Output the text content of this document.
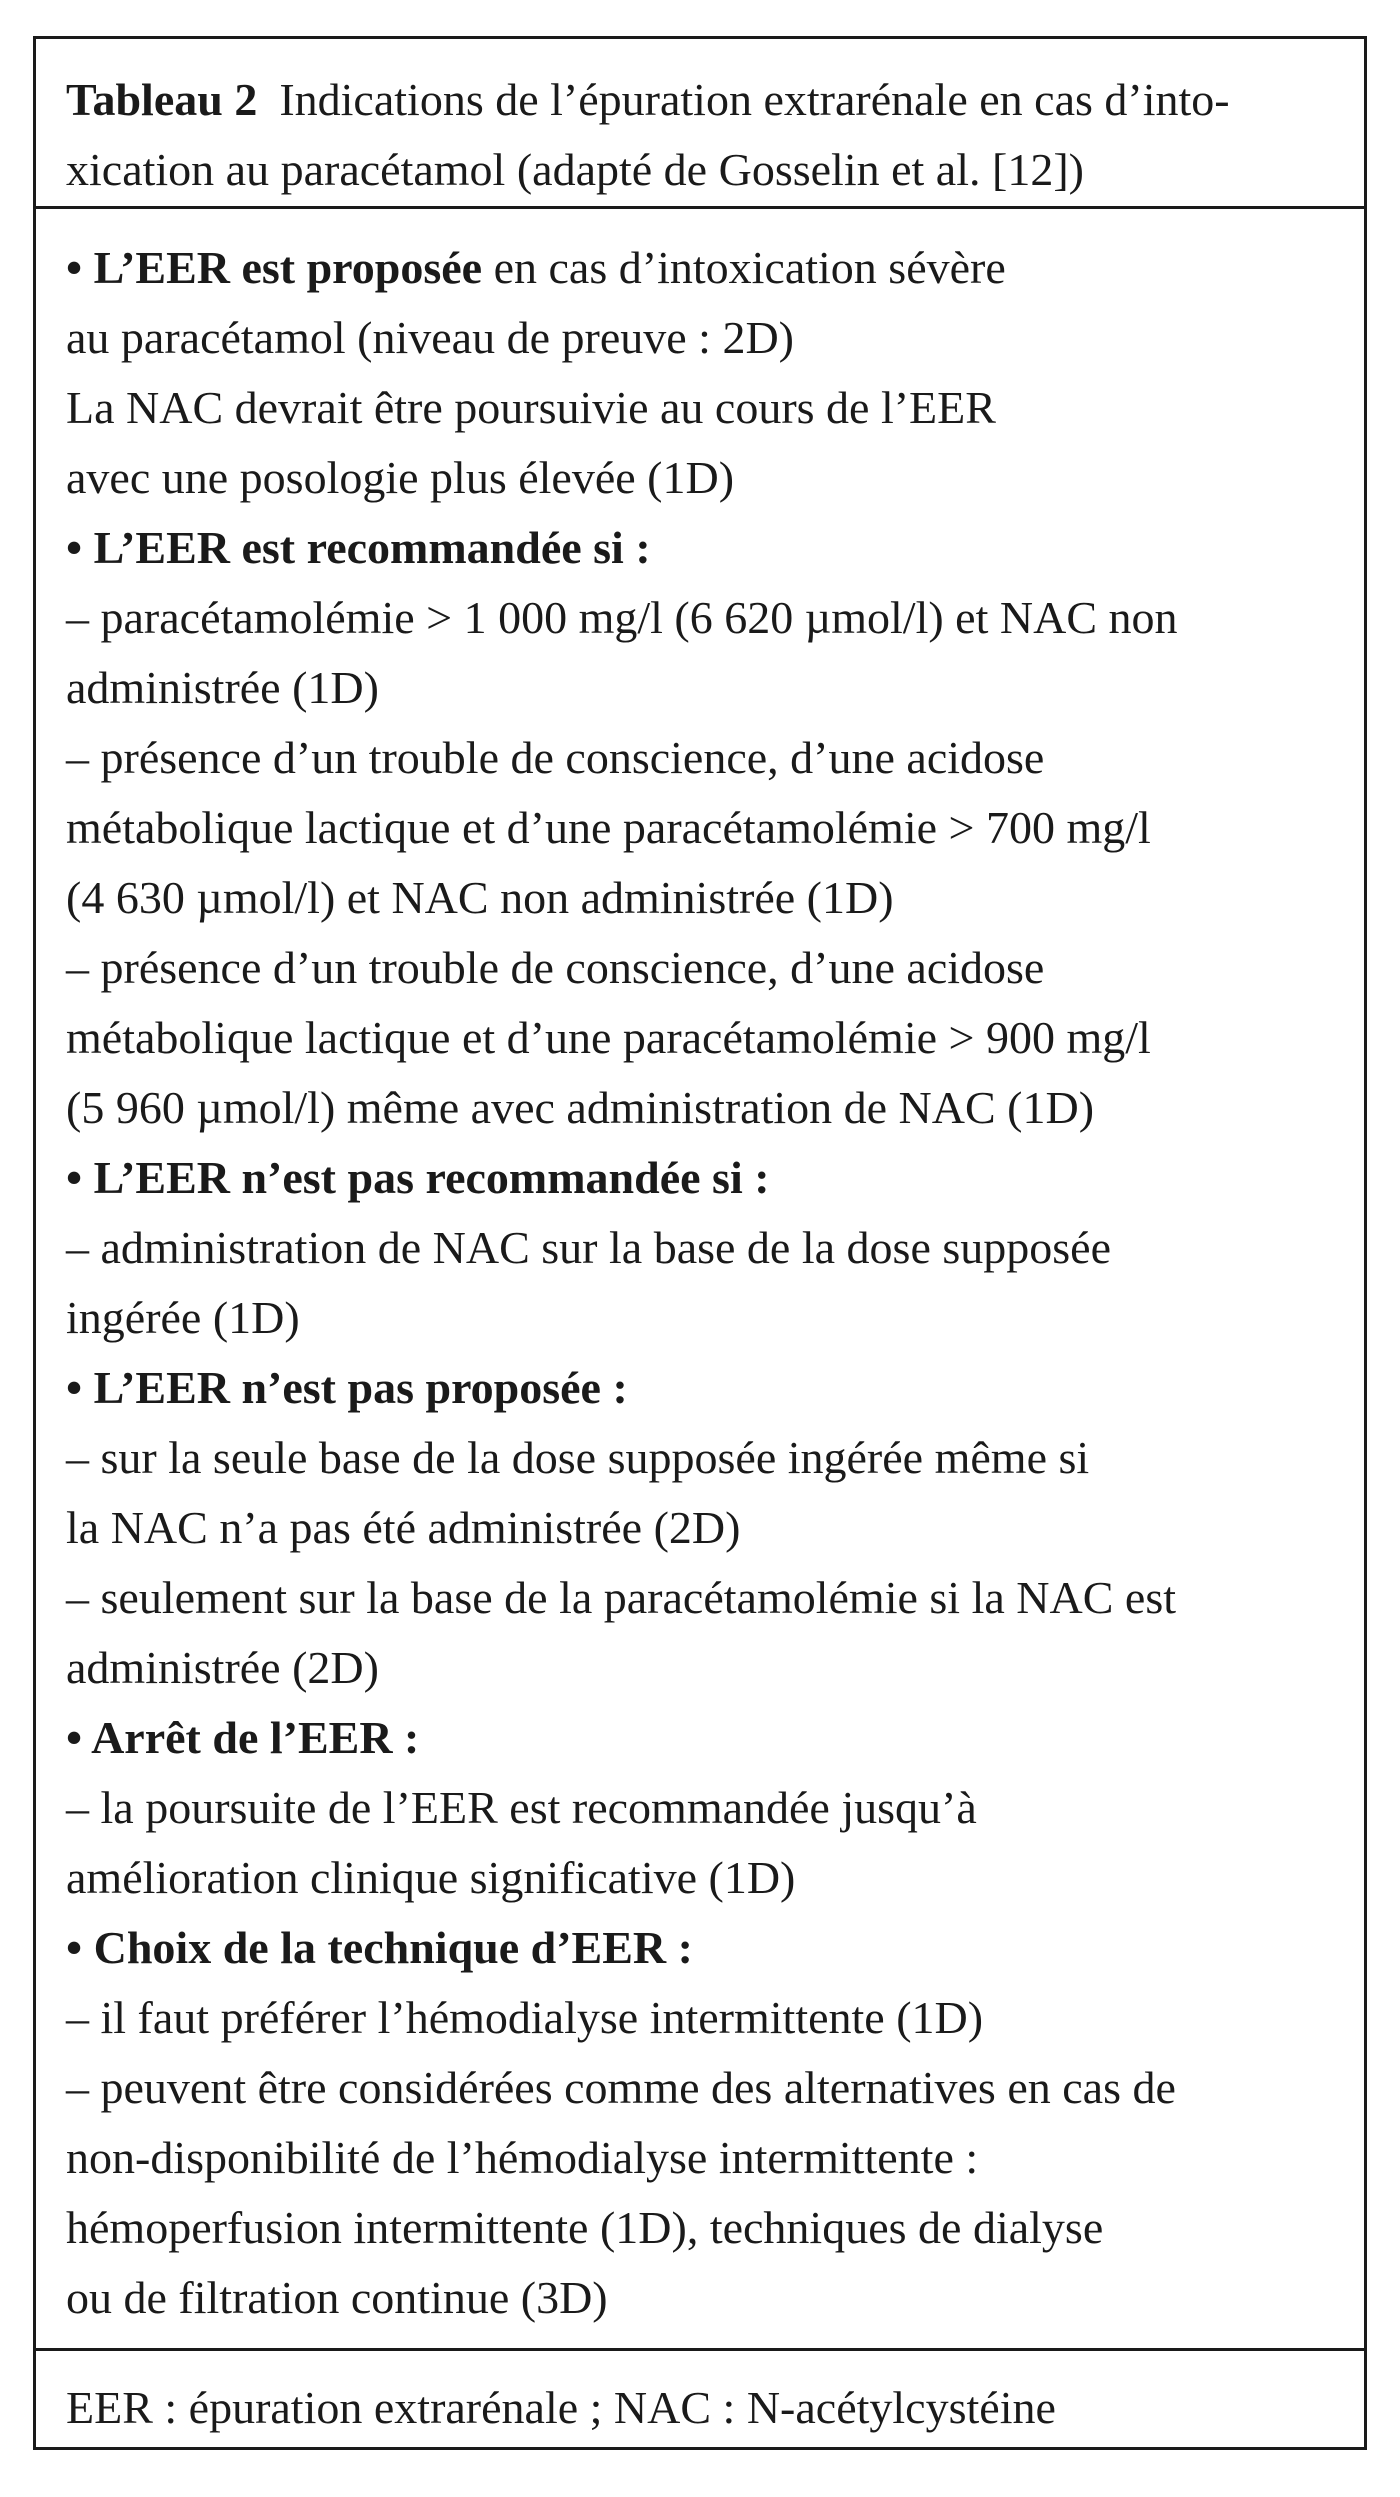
Tableau 2 Indications de l’épuration extrarénale en cas d’into-
xication au paracétamol (adapté de Gosselin et al. [12])
• L’EER est proposée en cas d’intoxication sévère
au paracétamol (niveau de preuve : 2D)
La NAC devrait être poursuivie au cours de l’EER
avec une posologie plus élevée (1D)
• L’EER est recommandée si :
– paracétamolémie > 1 000 mg/l (6 620 µmol/l) et NAC non
administrée (1D)
– présence d’un trouble de conscience, d’une acidose
métabolique lactique et d’une paracétamolémie > 700 mg/l
(4 630 µmol/l) et NAC non administrée (1D)
– présence d’un trouble de conscience, d’une acidose
métabolique lactique et d’une paracétamolémie > 900 mg/l
(5 960 µmol/l) même avec administration de NAC (1D)
• L’EER n’est pas recommandée si :
– administration de NAC sur la base de la dose supposée
ingérée (1D)
• L’EER n’est pas proposée :
– sur la seule base de la dose supposée ingérée même si
la NAC n’a pas été administrée (2D)
– seulement sur la base de la paracétamolémie si la NAC est
administrée (2D)
• Arrêt de l’EER :
– la poursuite de l’EER est recommandée jusqu’à
amélioration clinique significative (1D)
• Choix de la technique d’EER :
– il faut préférer l’hémodialyse intermittente (1D)
– peuvent être considérées comme des alternatives en cas de
non-disponibilité de l’hémodialyse intermittente :
hémoperfusion intermittente (1D), techniques de dialyse
ou de filtration continue (3D)
EER : épuration extrarénale ; NAC : N-acétylcystéine
